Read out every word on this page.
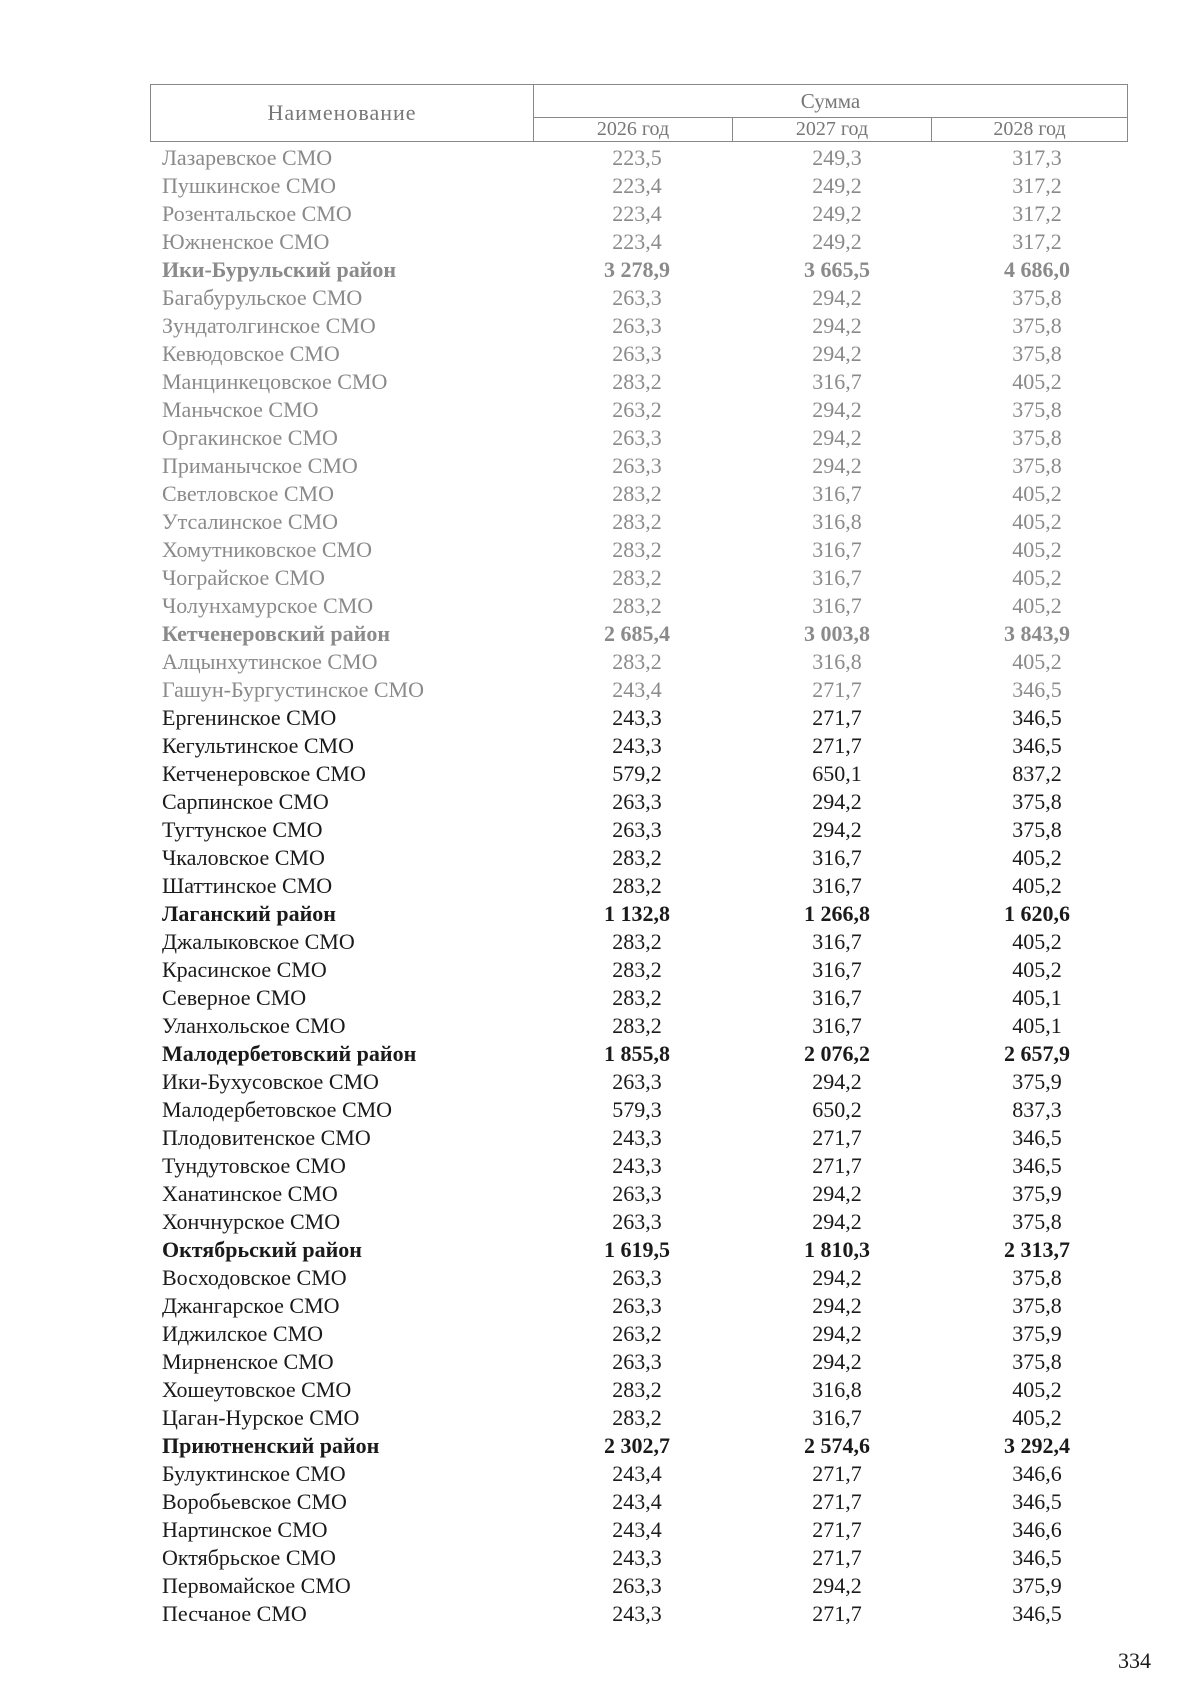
Наименование	Сумма
2026 год	2027 год	2028 год
Лазаревское СМО	223,5	249,3	317,3
Пушкинское СМО	223,4	249,2	317,2
Розентальское СМО	223,4	249,2	317,2
Южненское СМО	223,4	249,2	317,2
Ики-Бурульский район	3 278,9	3 665,5	4 686,0
Багабурульское СМО	263,3	294,2	375,8
Зундатолгинское СМО	263,3	294,2	375,8
Кевюдовское СМО	263,3	294,2	375,8
Манцинкецовское СМО	283,2	316,7	405,2
Маньчское СМО	263,2	294,2	375,8
Оргакинское СМО	263,3	294,2	375,8
Приманычское СМО	263,3	294,2	375,8
Светловское СМО	283,2	316,7	405,2
Утсалинское СМО	283,2	316,8	405,2
Хомутниковское СМО	283,2	316,7	405,2
Чограйское СМО	283,2	316,7	405,2
Чолунхамурское СМО	283,2	316,7	405,2
Кетченеровский район	2 685,4	3 003,8	3 843,9
Алцынхутинское СМО	283,2	316,8	405,2
Гашун-Бургустинское СМО	243,4	271,7	346,5
Ергенинское СМО	243,3	271,7	346,5
Кегультинское СМО	243,3	271,7	346,5
Кетченеровское СМО	579,2	650,1	837,2
Сарпинское СМО	263,3	294,2	375,8
Тугтунское СМО	263,3	294,2	375,8
Чкаловское СМО	283,2	316,7	405,2
Шаттинское СМО	283,2	316,7	405,2
Лаганский район	1 132,8	1 266,8	1 620,6
Джалыковское СМО	283,2	316,7	405,2
Красинское СМО	283,2	316,7	405,2
Северное СМО	283,2	316,7	405,1
Уланхольское СМО	283,2	316,7	405,1
Малодербетовский район	1 855,8	2 076,2	2 657,9
Ики-Бухусовское СМО	263,3	294,2	375,9
Малодербетовское СМО	579,3	650,2	837,3
Плодовитенское СМО	243,3	271,7	346,5
Тундутовское СМО	243,3	271,7	346,5
Ханатинское СМО	263,3	294,2	375,9
Хончнурское СМО	263,3	294,2	375,8
Октябрьский район	1 619,5	1 810,3	2 313,7
Восходовское СМО	263,3	294,2	375,8
Джангарское СМО	263,3	294,2	375,8
Иджилское СМО	263,2	294,2	375,9
Мирненское СМО	263,3	294,2	375,8
Хошеутовское СМО	283,2	316,8	405,2
Цаган-Нурское СМО	283,2	316,7	405,2
Приютненский район	2 302,7	2 574,6	3 292,4
Булуктинское СМО	243,4	271,7	346,6
Воробьевское СМО	243,4	271,7	346,5
Нартинское СМО	243,4	271,7	346,6
Октябрьское СМО	243,3	271,7	346,5
Первомайское СМО	263,3	294,2	375,9
Песчаное СМО	243,3	271,7	346,5
334
